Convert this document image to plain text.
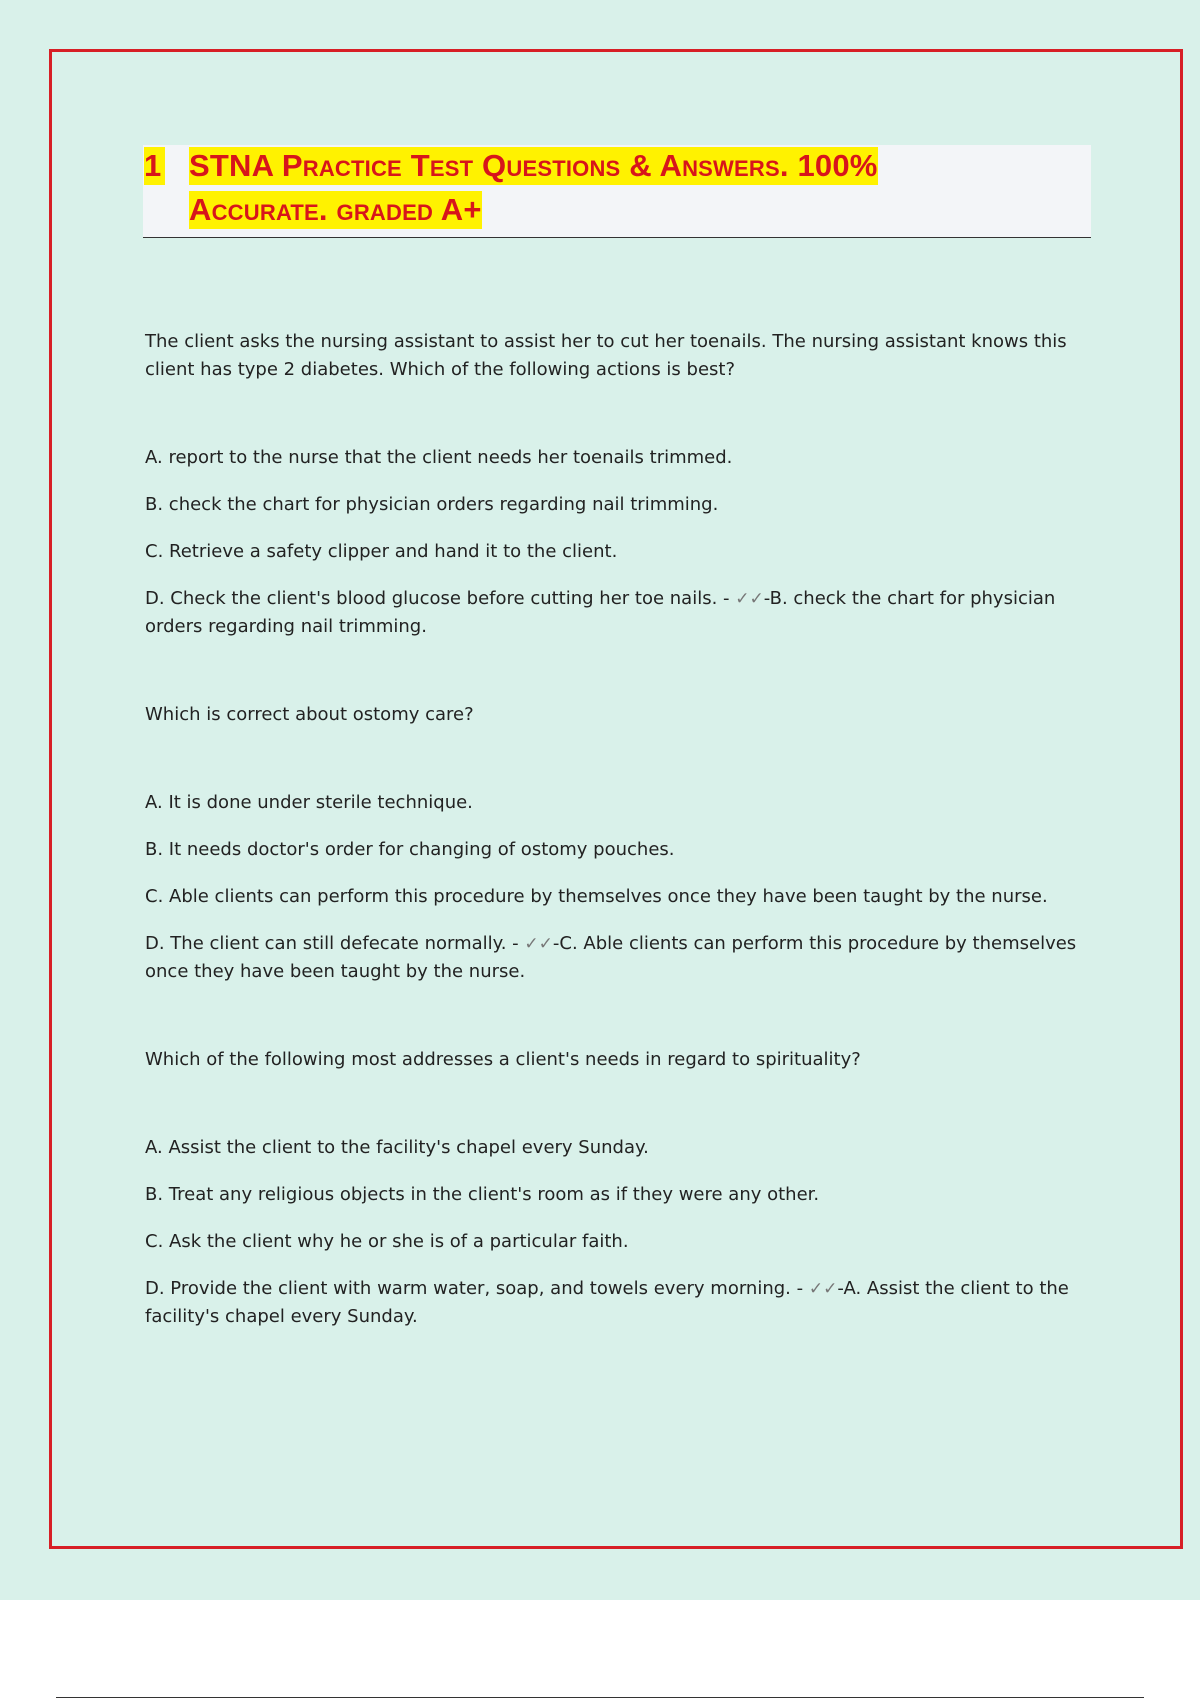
1 STNA Practice Test Questions & Answers. 100%
Accurate. graded A+

The client asks the nursing assistant to assist her to cut her toenails. The nursing assistant knows this client has type 2 diabetes. Which of the following actions is best?

A. report to the nurse that the client needs her toenails trimmed.

B. check the chart for physician orders regarding nail trimming.

C. Retrieve a safety clipper and hand it to the client.

D. Check the client's blood glucose before cutting her toe nails. - ✓✓-B. check the chart for physician orders regarding nail trimming.

Which is correct about ostomy care?

A. It is done under sterile technique.

B. It needs doctor's order for changing of ostomy pouches.

C. Able clients can perform this procedure by themselves once they have been taught by the nurse.

D. The client can still defecate normally. - ✓✓-C. Able clients can perform this procedure by themselves once they have been taught by the nurse.

Which of the following most addresses a client's needs in regard to spirituality?

A. Assist the client to the facility's chapel every Sunday.

B. Treat any religious objects in the client's room as if they were any other.

C. Ask the client why he or she is of a particular faith.

D. Provide the client with warm water, soap, and towels every morning. - ✓✓-A. Assist the client to the facility's chapel every Sunday.
